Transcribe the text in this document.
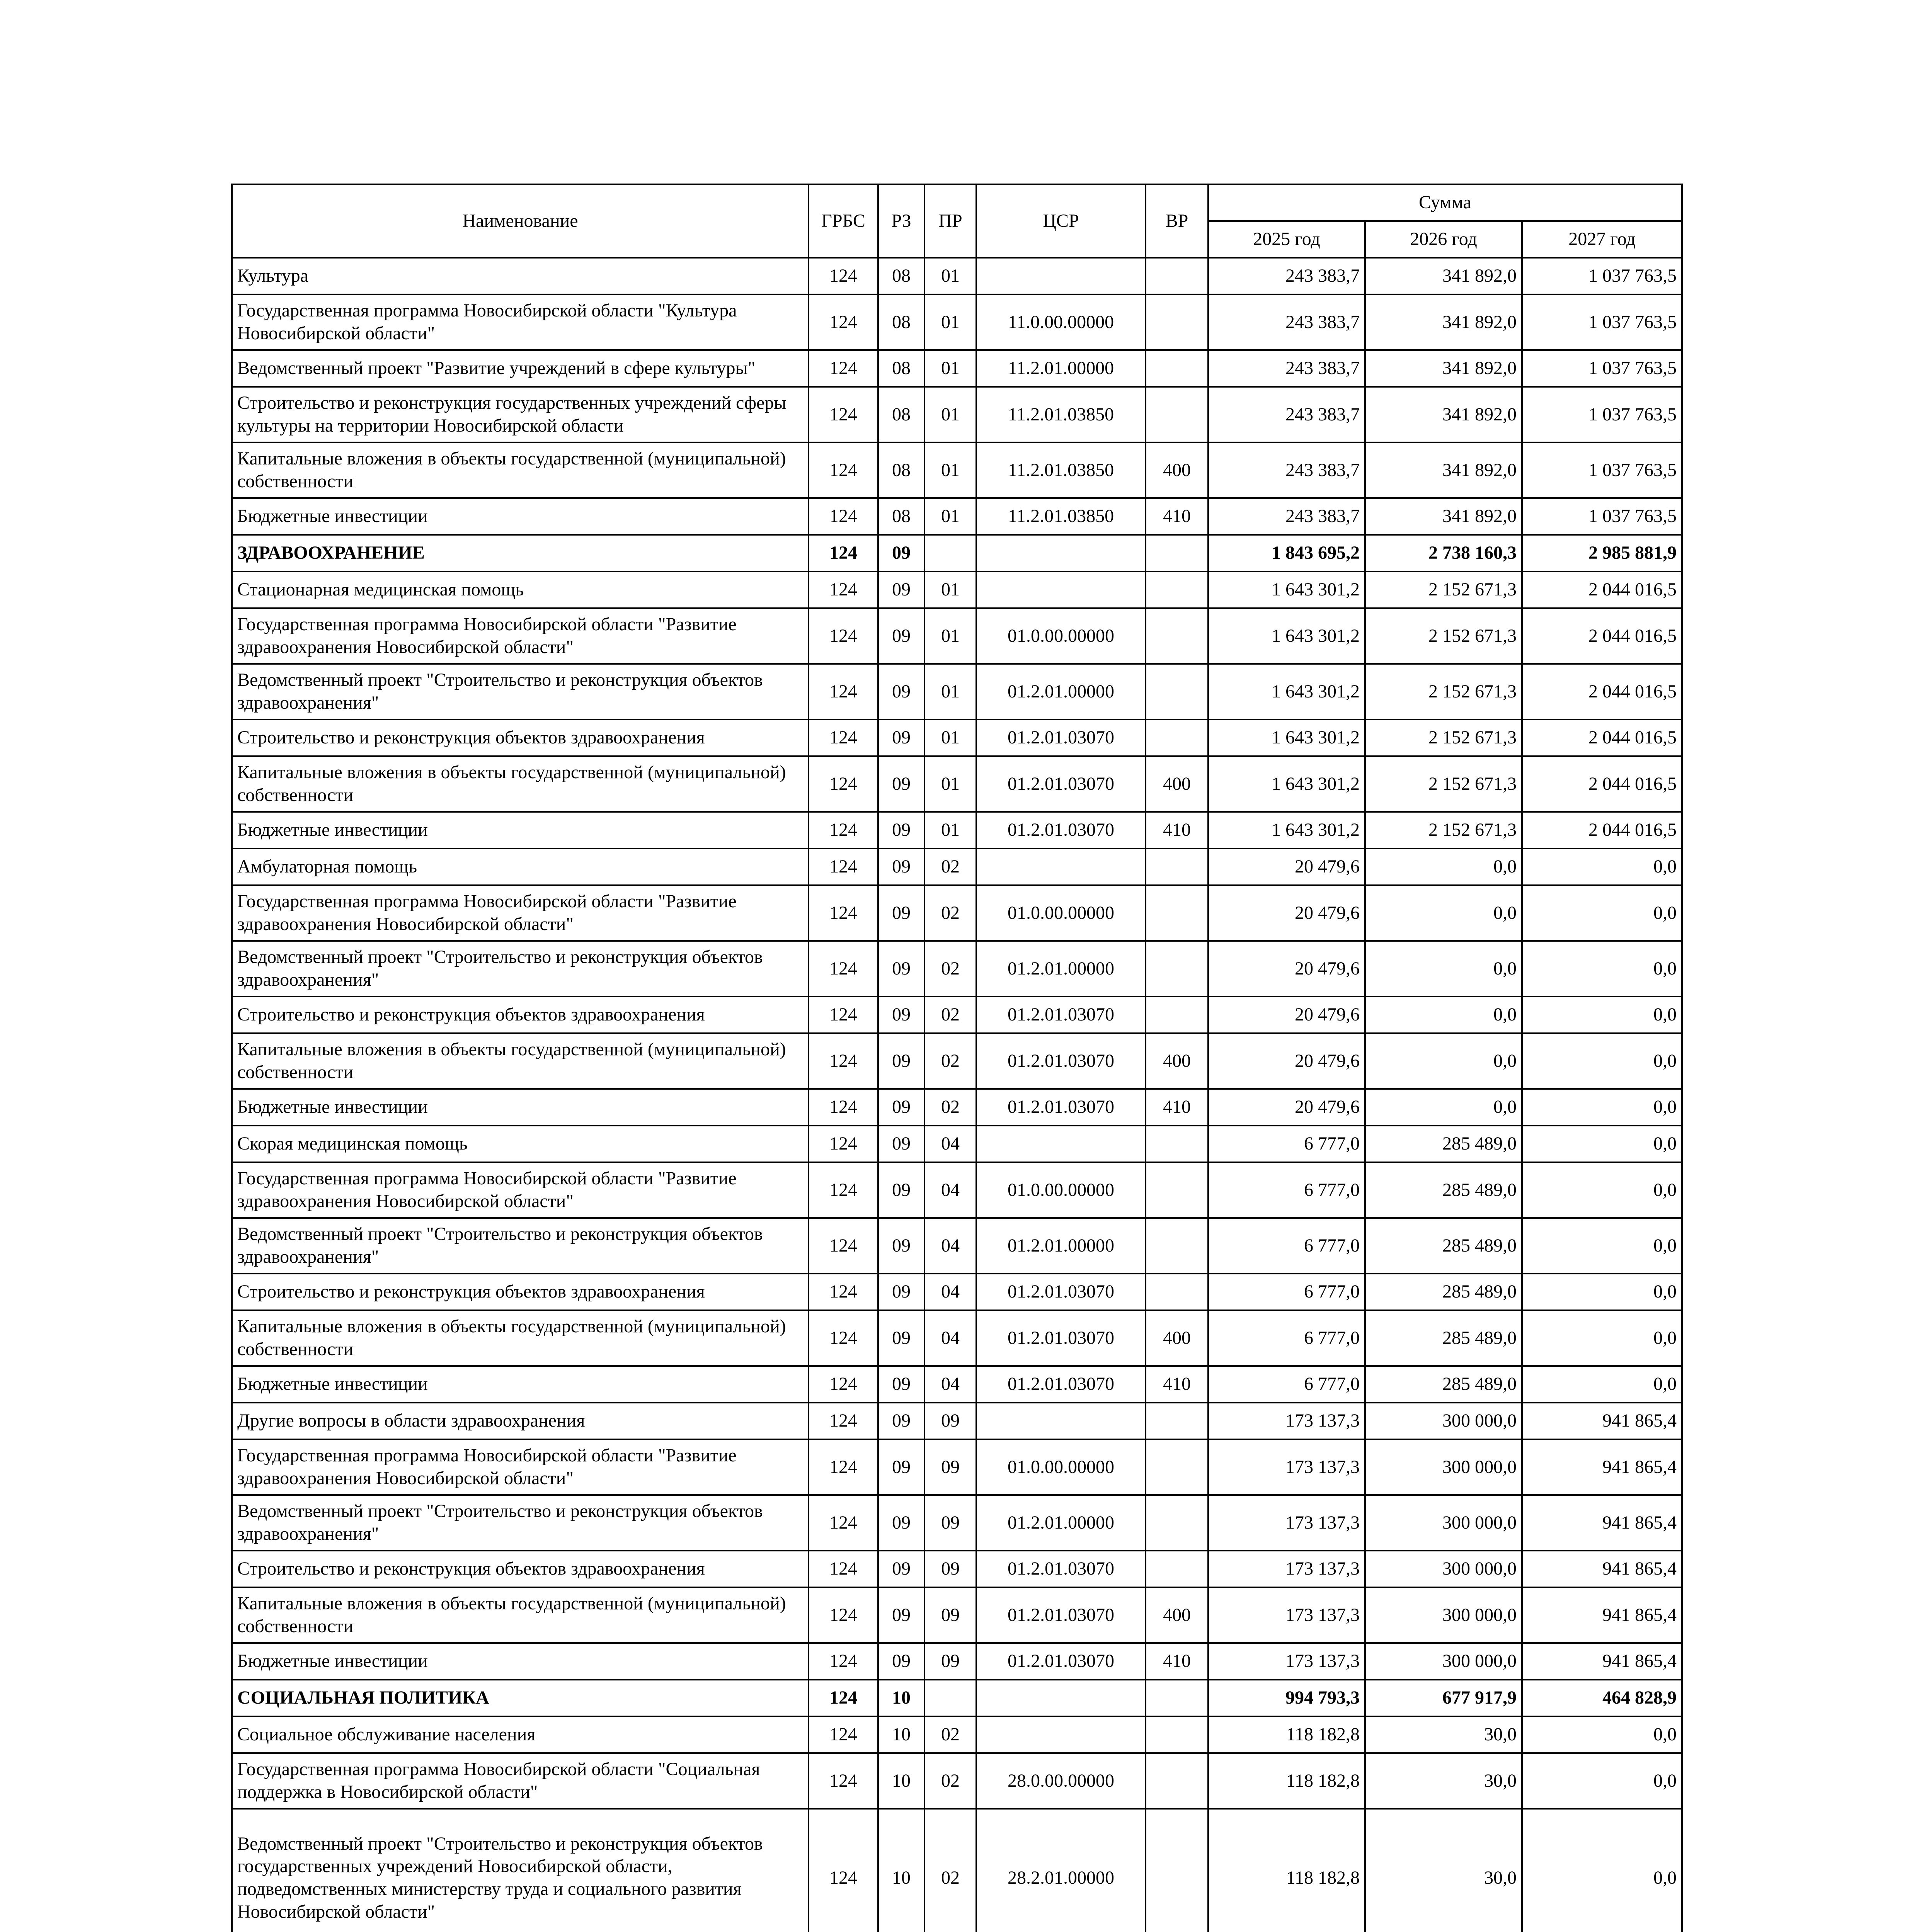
Наименование	ГРБС	РЗ	ПР	ЦСР	ВР	Сумма		
						2025 год	2026 год	2027 год
Культура	124	08	01			243 383,7	341 892,0	1 037 763,5
Государственная программа Новосибирской области "Культура Новосибирской области"	124	08	01	11.0.00.00000		243 383,7	341 892,0	1 037 763,5
Ведомственный проект "Развитие учреждений в сфере культуры"	124	08	01	11.2.01.00000		243 383,7	341 892,0	1 037 763,5
Строительство и реконструкция государственных учреждений сферы культуры на территории Новосибирской области	124	08	01	11.2.01.03850		243 383,7	341 892,0	1 037 763,5
Капитальные вложения в объекты государственной (муниципальной) собственности	124	08	01	11.2.01.03850	400	243 383,7	341 892,0	1 037 763,5
Бюджетные инвестиции	124	08	01	11.2.01.03850	410	243 383,7	341 892,0	1 037 763,5
ЗДРАВООХРАНЕНИЕ	124	09				1 843 695,2	2 738 160,3	2 985 881,9
Стационарная медицинская помощь	124	09	01			1 643 301,2	2 152 671,3	2 044 016,5
Государственная программа Новосибирской области "Развитие здравоохранения Новосибирской области"	124	09	01	01.0.00.00000		1 643 301,2	2 152 671,3	2 044 016,5
Ведомственный проект "Строительство и реконструкция объектов здравоохранения"	124	09	01	01.2.01.00000		1 643 301,2	2 152 671,3	2 044 016,5
Строительство и реконструкция объектов здравоохранения	124	09	01	01.2.01.03070		1 643 301,2	2 152 671,3	2 044 016,5
Капитальные вложения в объекты государственной (муниципальной) собственности	124	09	01	01.2.01.03070	400	1 643 301,2	2 152 671,3	2 044 016,5
Бюджетные инвестиции	124	09	01	01.2.01.03070	410	1 643 301,2	2 152 671,3	2 044 016,5
Амбулаторная помощь	124	09	02			20 479,6	0,0	0,0
Государственная программа Новосибирской области "Развитие здравоохранения Новосибирской области"	124	09	02	01.0.00.00000		20 479,6	0,0	0,0
Ведомственный проект "Строительство и реконструкция объектов здравоохранения"	124	09	02	01.2.01.00000		20 479,6	0,0	0,0
Строительство и реконструкция объектов здравоохранения	124	09	02	01.2.01.03070		20 479,6	0,0	0,0
Капитальные вложения в объекты государственной (муниципальной) собственности	124	09	02	01.2.01.03070	400	20 479,6	0,0	0,0
Бюджетные инвестиции	124	09	02	01.2.01.03070	410	20 479,6	0,0	0,0
Скорая медицинская помощь	124	09	04			6 777,0	285 489,0	0,0
Государственная программа Новосибирской области "Развитие здравоохранения Новосибирской области"	124	09	04	01.0.00.00000		6 777,0	285 489,0	0,0
Ведомственный проект "Строительство и реконструкция объектов здравоохранения"	124	09	04	01.2.01.00000		6 777,0	285 489,0	0,0
Строительство и реконструкция объектов здравоохранения	124	09	04	01.2.01.03070		6 777,0	285 489,0	0,0
Капитальные вложения в объекты государственной (муниципальной) собственности	124	09	04	01.2.01.03070	400	6 777,0	285 489,0	0,0
Бюджетные инвестиции	124	09	04	01.2.01.03070	410	6 777,0	285 489,0	0,0
Другие вопросы в области здравоохранения	124	09	09			173 137,3	300 000,0	941 865,4
Государственная программа Новосибирской области "Развитие здравоохранения Новосибирской области"	124	09	09	01.0.00.00000		173 137,3	300 000,0	941 865,4
Ведомственный проект "Строительство и реконструкция объектов здравоохранения"	124	09	09	01.2.01.00000		173 137,3	300 000,0	941 865,4
Строительство и реконструкция объектов здравоохранения	124	09	09	01.2.01.03070		173 137,3	300 000,0	941 865,4
Капитальные вложения в объекты государственной (муниципальной) собственности	124	09	09	01.2.01.03070	400	173 137,3	300 000,0	941 865,4
Бюджетные инвестиции	124	09	09	01.2.01.03070	410	173 137,3	300 000,0	941 865,4
СОЦИАЛЬНАЯ ПОЛИТИКА	124	10				994 793,3	677 917,9	464 828,9
Социальное обслуживание населения	124	10	02			118 182,8	30,0	0,0
Государственная программа Новосибирской области "Социальная поддержка в Новосибирской области"	124	10	02	28.0.00.00000		118 182,8	30,0	0,0
Ведомственный проект "Строительство и реконструкция объектов государственных учреждений Новосибирской области, подведомственных министерству труда и социального развития Новосибирской области"	124	10	02	28.2.01.00000		118 182,8	30,0	0,0
